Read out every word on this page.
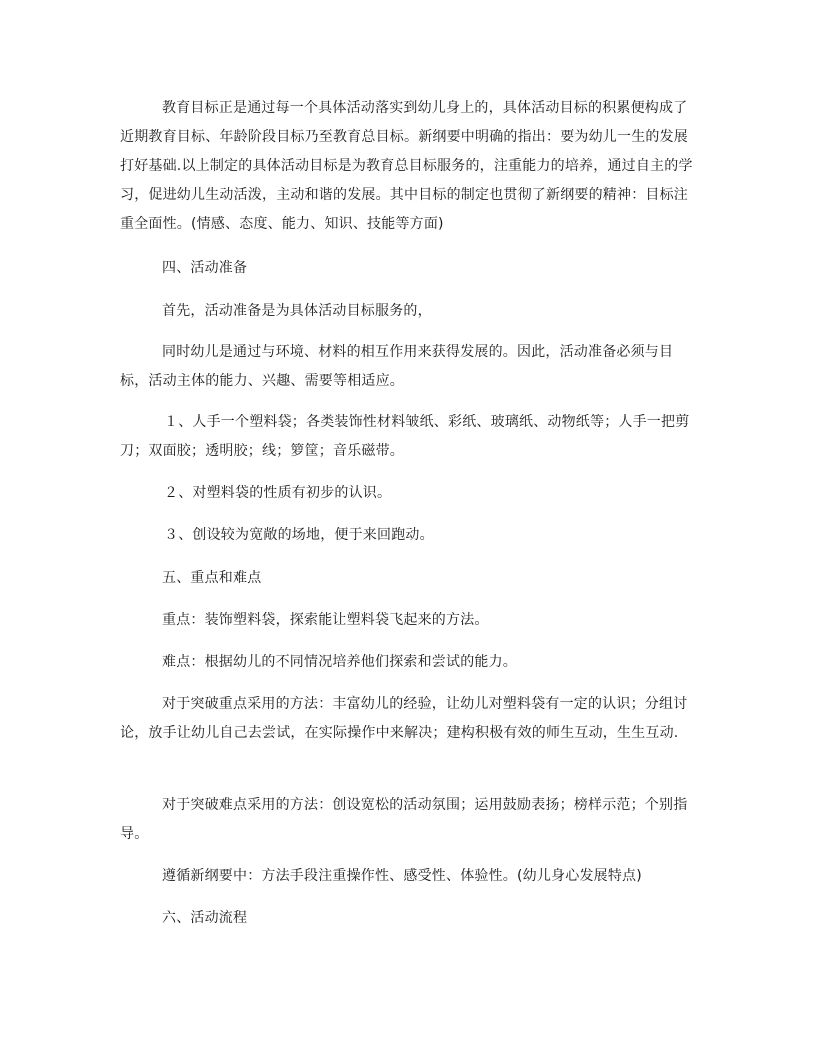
教育目标正是通过每一个具体活动落实到幼儿身上的，具体活动目标的积累便构成了近期教育目标、年龄阶段目标乃至教育总目标。新纲要中明确的指出：要为幼儿一生的发展打好基础.以上制定的具体活动目标是为教育总目标服务的，注重能力的培养，通过自主的学习，促进幼儿生动活泼，主动和谐的发展。其中目标的制定也贯彻了新纲要的精神：目标注重全面性。(情感、态度、能力、知识、技能等方面)

四、活动准备

首先，活动准备是为具体活动目标服务的，

同时幼儿是通过与环境、材料的相互作用来获得发展的。因此，活动准备必须与目标，活动主体的能力、兴趣、需要等相适应。

１、人手一个塑料袋；各类装饰性材料皱纸、彩纸、玻璃纸、动物纸等；人手一把剪刀；双面胶；透明胶；线；箩筐；音乐磁带。

２、对塑料袋的性质有初步的认识。

３、创设较为宽敞的场地，便于来回跑动。

五、重点和难点

重点：装饰塑料袋，探索能让塑料袋飞起来的方法。

难点：根据幼儿的不同情况培养他们探索和尝试的能力。

对于突破重点采用的方法：丰富幼儿的经验，让幼儿对塑料袋有一定的认识；分组讨论，放手让幼儿自己去尝试，在实际操作中来解决；建构积极有效的师生互动，生生互动.

对于突破难点采用的方法：创设宽松的活动氛围；运用鼓励表扬；榜样示范；个别指导。

遵循新纲要中：方法手段注重操作性、感受性、体验性。(幼儿身心发展特点)

六、活动流程
